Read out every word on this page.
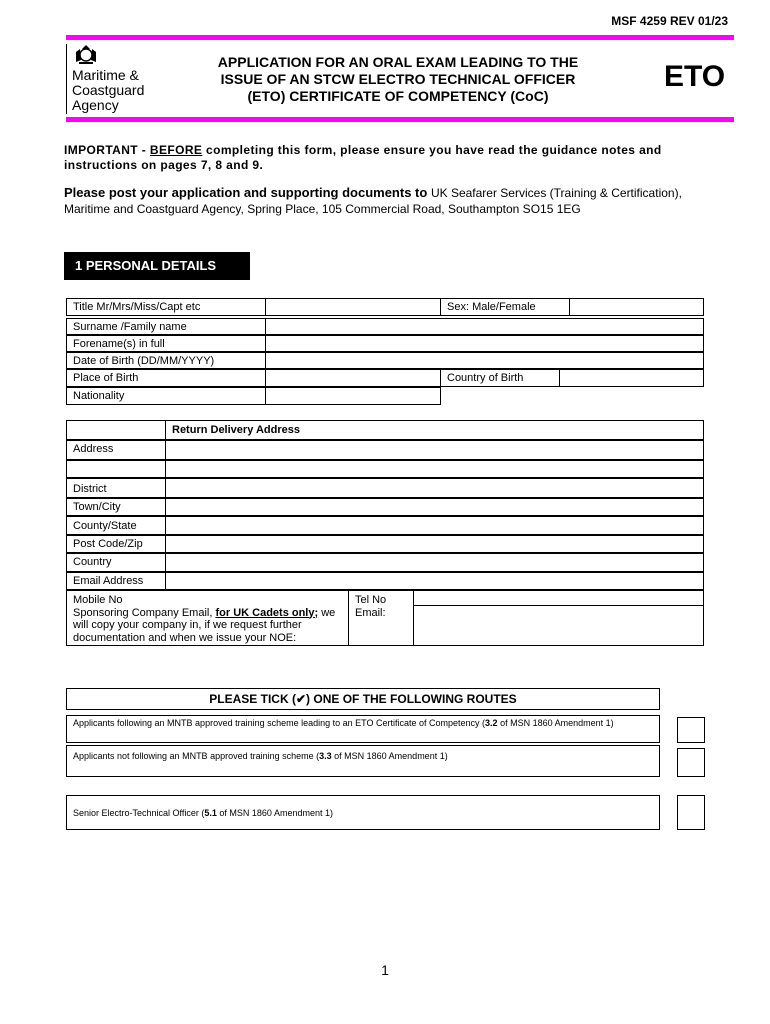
MSF 4259 REV 01/23
Maritime &
Coastguard
Agency
APPLICATION FOR AN ORAL EXAM LEADING TO THE
ISSUE OF AN STCW ELECTRO TECHNICAL OFFICER
(ETO) CERTIFICATE OF COMPETENCY (CoC)
ETO
IMPORTANT - BEFORE completing this form, please ensure you have read the guidance notes and instructions on pages 7, 8 and 9.
Please post your application and supporting documents to UK Seafarer Services (Training & Certification), Maritime and Coastguard Agency, Spring Place, 105 Commercial Road, Southampton SO15 1EG
1 PERSONAL DETAILS
Title Mr/Mrs/Miss/Capt etc	Sex: Male/Female
Surname /Family name
Forename(s) in full
Date of Birth (DD/MM/YYYY)
Place of Birth	Country of Birth
Nationality
Return Delivery Address
Address
District
Town/City
County/State
Post Code/Zip
Country
Email Address
Mobile No
Sponsoring Company Email, for UK Cadets only; we will copy your company in, if we request further documentation and when we issue your NOE:
Tel No
Email:
PLEASE TICK (✔) ONE OF THE FOLLOWING ROUTES
Applicants following an MNTB approved training scheme leading to an ETO Certificate of Competency (3.2 of MSN 1860 Amendment 1)
Applicants not following an MNTB approved training scheme (3.3 of MSN 1860 Amendment 1)
Senior Electro-Technical Officer (5.1 of MSN 1860 Amendment 1)
1
